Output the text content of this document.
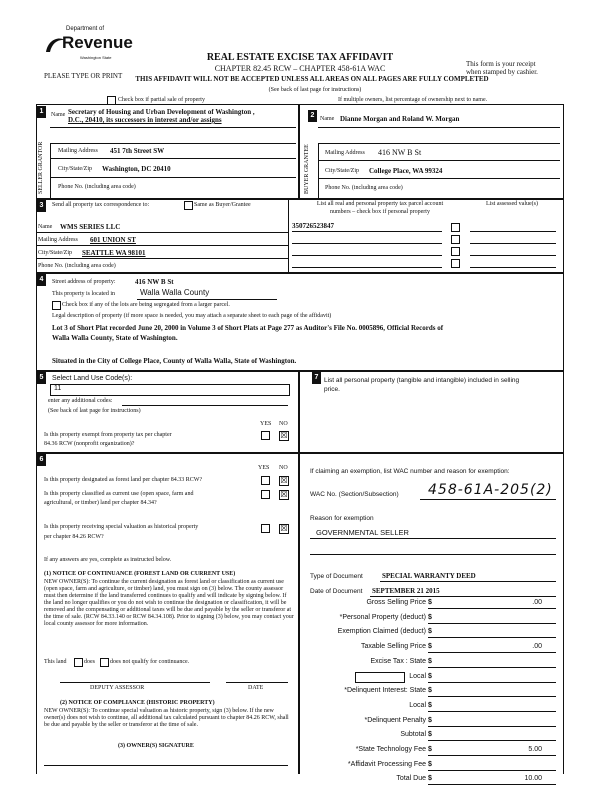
Department of
Revenue
Washington State
PLEASE TYPE OR PRINT
REAL ESTATE EXCISE TAX AFFIDAVIT
CHAPTER 82.45 RCW – CHAPTER 458-61A WAC
THIS AFFIDAVIT WILL NOT BE ACCEPTED UNLESS ALL AREAS ON ALL PAGES ARE FULLY COMPLETED
(See back of last page for instructions)
This form is your receipt
when stamped by cashier.
Check box if partial sale of property	If multiple owners, list percentage of ownership next to name.
1
2
Name Secretary of Housing and Urban Development of Washington ,
D.C., 20410, its successors in interest and/or assigns
SELLER GRANTOR	Mailing Address 451 7th Street SW
City/State/Zip Washington, DC 20410
Phone No. (including area code)
Name Dianne Morgan and Roland W. Morgan
BUYER GRANTEE	Mailing Address 416 NW B St
City/State/Zip College Place, WA 99324
Phone No. (including area code)
3	Send all property tax correspondence to:	Same as Buyer/Grantee
Name WMS SERIES LLC
Mailing Address 601 UNION ST
City/State/Zip SEATTLE WA 98101
Phone No. (including area code)
List all real and personal property tax parcel account
numbers – check box if personal property
List assessed value(s)
350726523847
4	Street address of property:	416 NW B St
This property is located in	Walla Walla County
Check box if any of the lots are being segregated from a larger parcel.
Legal description of property (if more space is needed, you may attach a separate sheet to each page of the affidavit)
Lot 3 of Short Plat recorded June 20, 2000 in Volume 3 of Short Plats at Page 277 as Auditor's File No. 0005896, Official Records of
Walla Walla County, State of Washington.
Situated in the City of College Place, County of Walla Walla, State of Washington.
5	Select Land Use Code(s):
11
enter any additional codes:
(See back of last page for instructions)
YES NO
Is this property exempt from property tax per chapter
84.36 RCW (nonprofit organization)?
☒
7 List all personal property (tangible and intangible) included in selling
price.
6
YES NO
Is this property designated as forest land per chapter 84.33 RCW?	☒
Is this property classified as current use (open space, farm and
agricultural, or timber) land per chapter 84.34?
☒
Is this property receiving special valuation as historical property
per chapter 84.26 RCW?
☒
If any answers are yes, complete as instructed below.
(1) NOTICE OF CONTINUANCE (FOREST LAND OR CURRENT USE)
NEW OWNER(S): To continue the current designation as forest land or classification as current use (open space, farm and agriculture, or timber) land, you must sign on (3) below. The county assessor must then determine if the land transferred continues to qualify and will indicate by signing below. If the land no longer qualifies or you do not wish to continue the designation or classification, it will be removed and the compensating or additional taxes will be due and payable by the seller or transferor at the time of sale. (RCW 84.33.140 or RCW 84.34.108). Prior to signing (3) below, you may contact your local county assessor for more information.
This land	does	does not qualify for continuance.
DEPUTY ASSESSOR	DATE
(2) NOTICE OF COMPLIANCE (HISTORIC PROPERTY)
NEW OWNER(S): To continue special valuation as historic property, sign (3) below. If the new owner(s) does not wish to continue, all additional tax calculated pursuant to chapter 84.26 RCW, shall be due and payable by the seller or transferor at the time of sale.
(3) OWNER(S) SIGNATURE
If claiming an exemption, list WAC number and reason for exemption:
WAC No. (Section/Subsection) 458-61A-205(2)
Reason for exemption
GOVERNMENTAL SELLER
Type of Document	SPECIAL WARRANTY DEED
Date of Document SEPTEMBER 21 2015
Gross Selling Price $	.00
*Personal Property (deduct) $
Exemption Claimed (deduct) $
Taxable Selling Price $	.00
Excise Tax : State $
Local $
*Delinquent Interest: State $
Local $
*Delinquent Penalty $
Subtotal $
*State Technology Fee $	5.00
*Affidavit Processing Fee $
Total Due $	10.00
